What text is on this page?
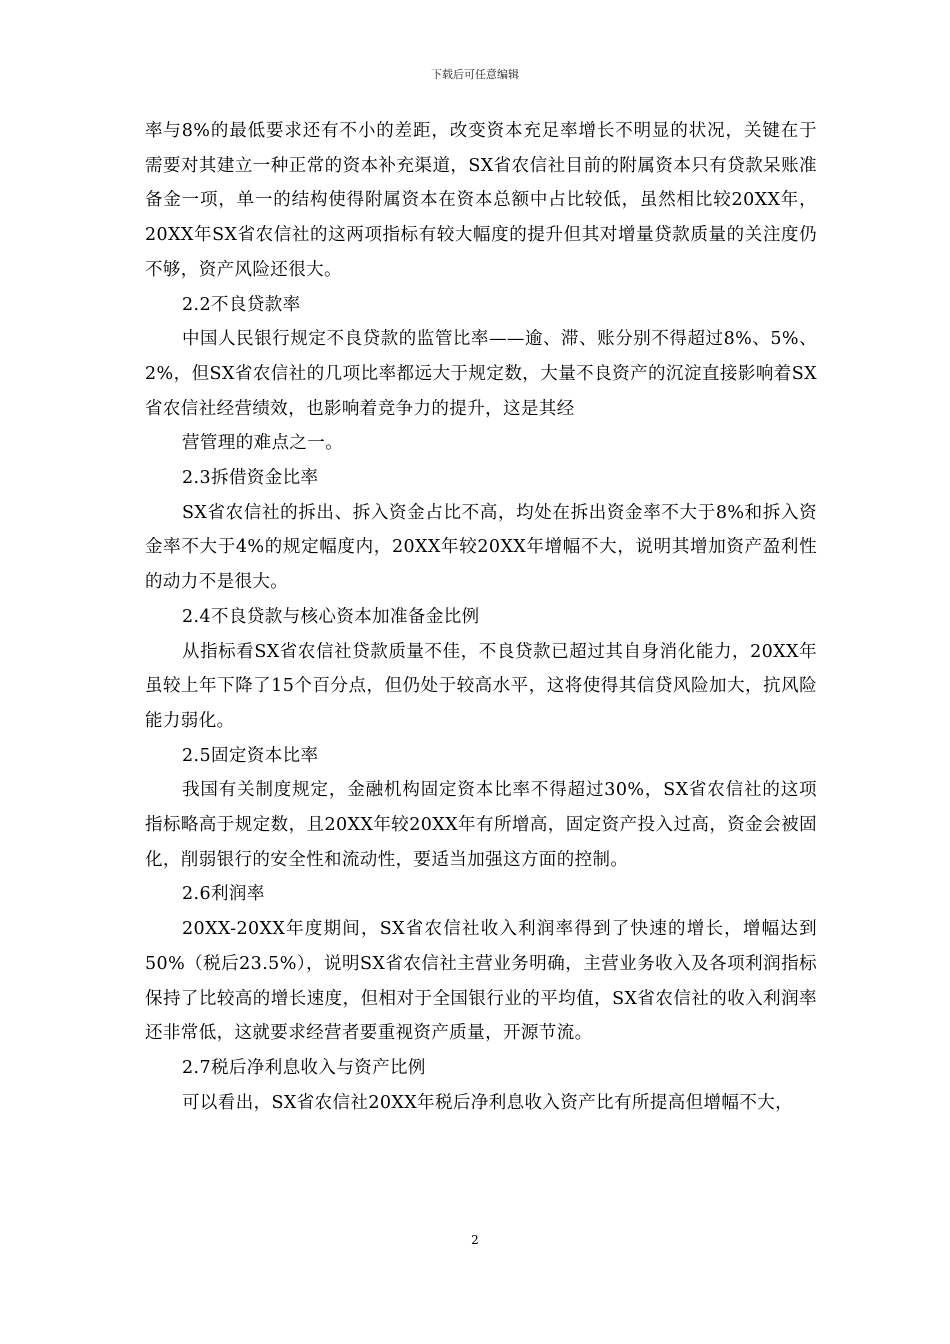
下载后可任意编辑

率与8%的最低要求还有不小的差距，改变资本充足率增长不明显的状况，关键在于需要对其建立一种正常的资本补充渠道，SX省农信社目前的附属资本只有贷款呆账准备金一项，单一的结构使得附属资本在资本总额中占比较低，虽然相比较20XX年，20XX年SX省农信社的这两项指标有较大幅度的提升但其对增量贷款质量的关注度仍不够，资产风险还很大。

2.2不良贷款率

中国人民银行规定不良贷款的监管比率——逾、滞、账分别不得超过8%、5%、2%，但SX省农信社的几项比率都远大于规定数，大量不良资产的沉淀直接影响着SX省农信社经营绩效，也影响着竞争力的提升，这是其经

营管理的难点之一。

2.3拆借资金比率

SX省农信社的拆出、拆入资金占比不高，均处在拆出资金率不大于8%和拆入资金率不大于4%的规定幅度内，20XX年较20XX年增幅不大，说明其增加资产盈利性的动力不是很大。

2.4不良贷款与核心资本加准备金比例

从指标看SX省农信社贷款质量不佳，不良贷款已超过其自身消化能力，20XX年虽较上年下降了15个百分点，但仍处于较高水平，这将使得其信贷风险加大，抗风险能力弱化。

2.5固定资本比率

我国有关制度规定，金融机构固定资本比率不得超过30%，SX省农信社的这项指标略高于规定数，且20XX年较20XX年有所增高，固定资产投入过高，资金会被固化，削弱银行的安全性和流动性，要适当加强这方面的控制。

2.6利润率

20XX-20XX年度期间，SX省农信社收入利润率得到了快速的增长，增幅达到50%（税后23.5%），说明SX省农信社主营业务明确，主营业务收入及各项利润指标保持了比较高的增长速度，但相对于全国银行业的平均值，SX省农信社的收入利润率还非常低，这就要求经营者要重视资产质量，开源节流。

2.7税后净利息收入与资产比例

可以看出，SX省农信社20XX年税后净利息收入资产比有所提高但增幅不大，

2
